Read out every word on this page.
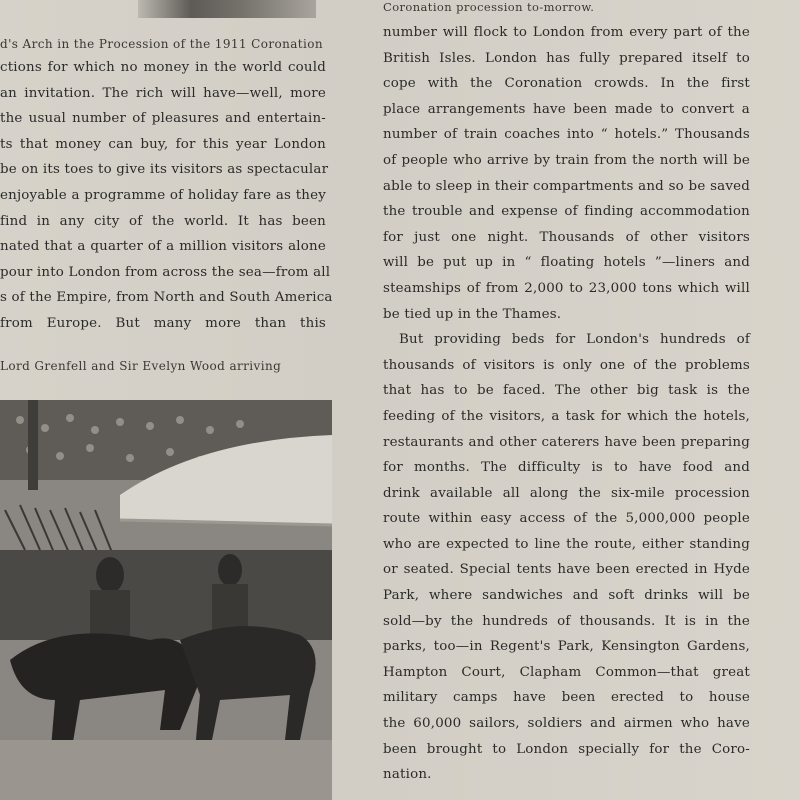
d's Arch in the Procession of the 1911 Coronation
Coronation procession to-morrow.
ctions for which no money in the world could
an invitation. The rich will have—well, more
the usual number of pleasures and entertain-
ts that money can buy, for this year London
be on its toes to give its visitors as spectacular
enjoyable a programme of holiday fare as they
find in any city of the world. It has been
nated that a quarter of a million visitors alone
pour into London from across the sea—from all
s of the Empire, from North and South America
from Europe. But many more than this
Lord Grenfell and Sir Evelyn Wood arriving
number will flock to London from every part of the
British Isles. London has fully prepared itself to
cope with the Coronation crowds. In the first
place arrangements have been made to convert a
number of train coaches into “ hotels.” Thousands
of people who arrive by train from the north will be
able to sleep in their compartments and so be saved
the trouble and expense of finding accommodation
for just one night. Thousands of other visitors
will be put up in “ floating hotels ”—liners and
steamships of from 2,000 to 23,000 tons which will
be tied up in the Thames.
But providing beds for London's hundreds of
thousands of visitors is only one of the problems
that has to be faced. The other big task is the
feeding of the visitors, a task for which the hotels,
restaurants and other caterers have been preparing
for months. The difficulty is to have food and
drink available all along the six-mile procession
route within easy access of the 5,000,000 people
who are expected to line the route, either standing
or seated. Special tents have been erected in Hyde
Park, where sandwiches and soft drinks will be
sold—by the hundreds of thousands. It is in the
parks, too—in Regent's Park, Kensington Gardens,
Hampton Court, Clapham Common—that great
military camps have been erected to house
the 60,000 sailors, soldiers and airmen who have
been brought to London specially for the Coro-
nation.
